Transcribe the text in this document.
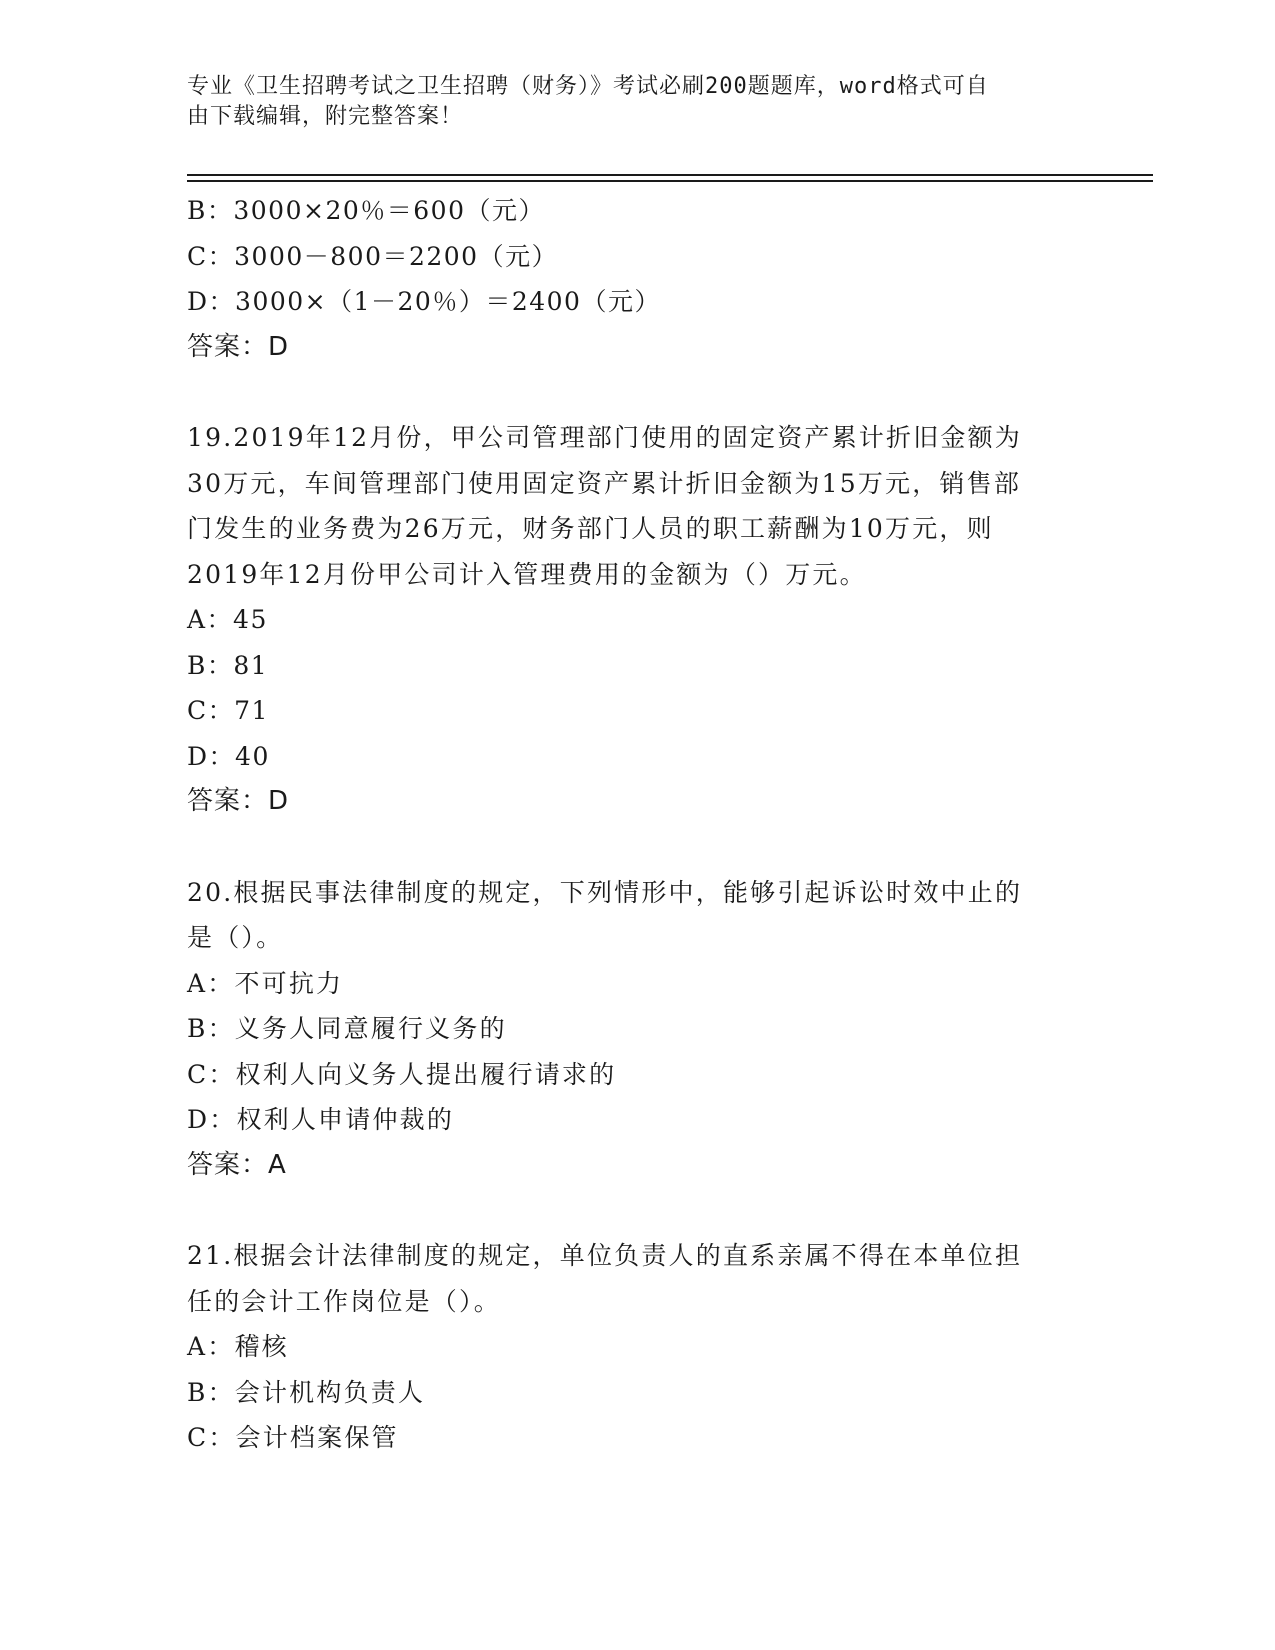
专业《卫生招聘考试之卫生招聘（财务）》考试必刷200题题库，word格式可自
由下载编辑，附完整答案！
B：3000×20％＝600（元）
C：3000－800＝2200（元）
D：3000×（1－20％）＝2400（元）
答案：D
19.2019年12月份，甲公司管理部门使用的固定资产累计折旧金额为
30万元，车间管理部门使用固定资产累计折旧金额为15万元，销售部
门发生的业务费为26万元，财务部门人员的职工薪酬为10万元，则
2019年12月份甲公司计入管理费用的金额为（）万元。
A：45
B：81
C：71
D：40
答案：D
20.根据民事法律制度的规定，下列情形中，能够引起诉讼时效中止的
是（）。
A：不可抗力
B：义务人同意履行义务的
C：权利人向义务人提出履行请求的
D：权利人申请仲裁的
答案：A
21.根据会计法律制度的规定，单位负责人的直系亲属不得在本单位担
任的会计工作岗位是（）。
A：稽核
B：会计机构负责人
C：会计档案保管
